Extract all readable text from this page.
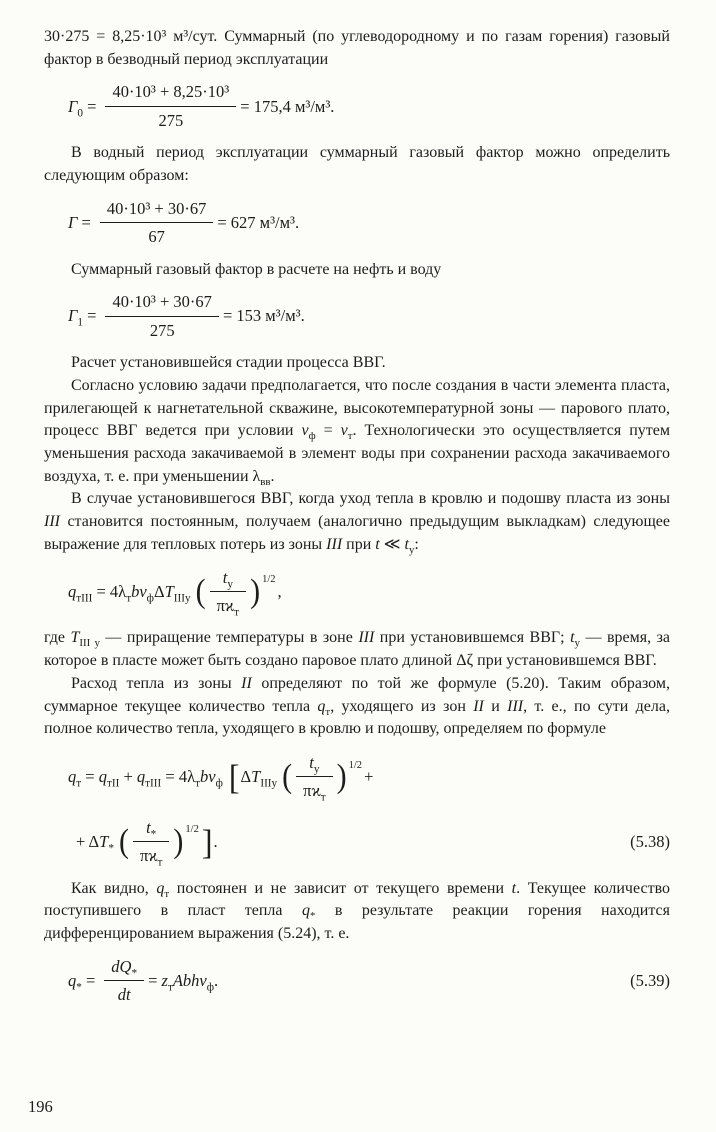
30·275 = 8,25·10³ м³/сут. Суммарный (по углеводородному и по газам горения) газовый фактор в безводный период эксплуатации

$Г_0 = \frac{\text{40·10³ + 8,25·10³}}{275} = 175,4$ м³/м³.

В водный период эксплуатации суммарный газовый фактор можно определить следующим образом:

$Г = \frac{\text{40·10³ + 30·67}}{67} = 627$ м³/м³.

Суммарный газовый фактор в расчете на нефть и воду

$Г_1 = \frac{\text{40·10³ + 30·67}}{275} = 153$ м³/м³.

Расчет установившейся стадии процесса ВВГ.

Согласно условию задачи предполагается, что после создания в части элемента пласта, прилегающей к нагнетательной скважине, высокотемпературной зоны — парового плато, процесс ВВГ ведется при условии $v_ф = v_т$. Технологически это осуществляется путем уменьшения расхода закачиваемой в элемент воды при сохранении расхода закачиваемого воздуха, т. е. при уменьшении $\lambda_{вв}$.

В случае установившегося ВВГ, когда уход тепла в кровлю и подошву пласта из зоны III становится постоянным, получаем (аналогично предыдущим выкладкам) следующее выражение для тепловых потерь из зоны III при t ≪ $t_у$:

$q_{тIII} = 4\lambda_тbv_ф\Delta T_{IIIу}$ ( $\frac{t_у}{\pi ϰ_т}$ ) 1/2
,

где $T_{III у}$ — приращение температуры в зоне III при установившемся ВВГ; $t_у$ — время, за которое в пласте может быть создано паровое плато длиной Δζ при установившемся ВВГ.

Расход тепла из зоны II определяют по той же формуле (5.20). Таким образом, суммарное текущее количество тепла $q_т$, уходящего из зон II и III, т. е., по сути дела, полное количество тепла, уходящего в кровлю и подошву, определяем по формуле

$q_т = q_{тII} + q_{тIII} = 4\lambda_тbv_ф$ [ $\Delta T_{IIIу}$ ( $\frac{t_у}{\pi ϰ_т}$ ) 1/2
+
+ $\Delta T_*$ ( $\frac{t_*}{\pi ϰ_т}$ ) 1/2 ] .	(5.38)

Как видно, $q_т$ постоянен и не зависит от текущего времени t. Текущее количество поступившего в пласт тепла $q_*$ в результате реакции горения находится дифференцированием выражения (5.24), т. е.

$q_* = \frac{dQ_*}{dt}$ = $z_тAbhv_ф$.	(5.39)
196
